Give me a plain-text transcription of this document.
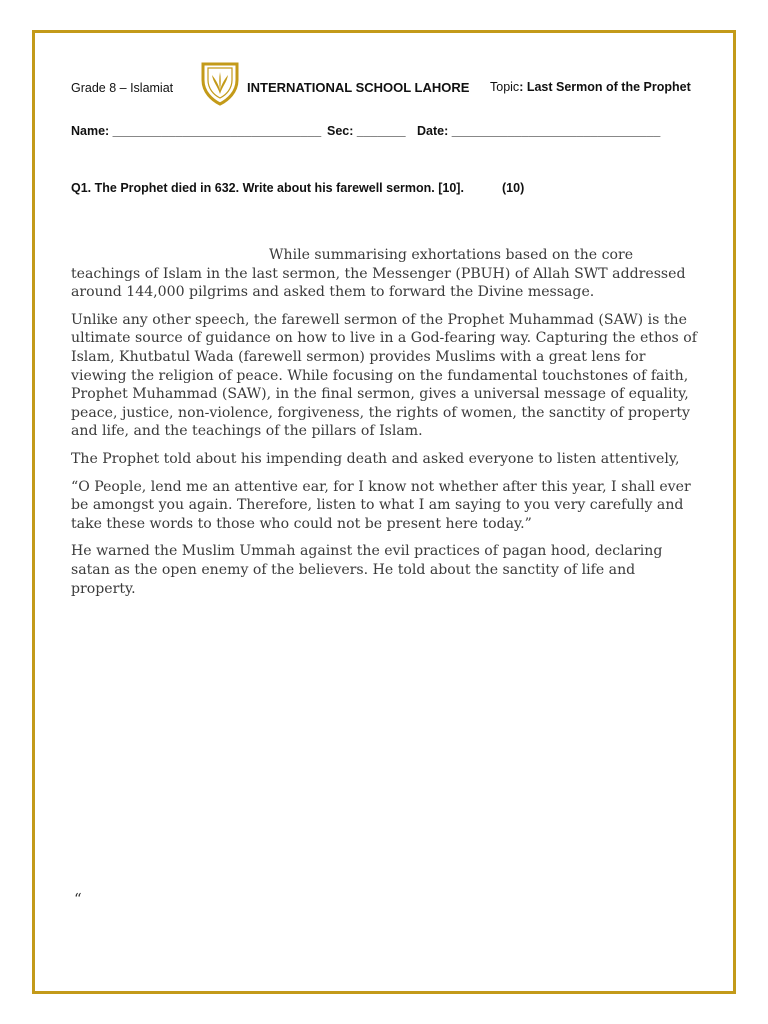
Grade 8 – Islamiat	INTERNATIONAL SCHOOL LAHORE Topic: Last Sermon of the Prophet
Name: ______________________________ Sec: _______ Date: ______________________________
Q1. The Prophet died in 632. Write about his farewell sermon. [10].	(10)

While summarising exhortations based on the core teachings of Islam in the last sermon, the Messenger (PBUH) of Allah SWT addressed around 144,000 pilgrims and asked them to forward the Divine message.

Unlike any other speech, the farewell sermon of the Prophet Muhammad (SAW) is the ultimate source of guidance on how to live in a God-fearing way. Capturing the ethos of Islam, Khutbatul Wada (farewell sermon) provides Muslims with a great lens for viewing the religion of peace. While focusing on the fundamental touchstones of faith, Prophet Muhammad (SAW), in the final sermon, gives a universal message of equality, peace, justice, non-violence, forgiveness, the rights of women, the sanctity of property and life, and the teachings of the pillars of Islam.

The Prophet told about his impending death and asked everyone to listen attentively,

“O People, lend me an attentive ear, for I know not whether after this year, I shall ever be amongst you again. Therefore, listen to what I am saying to you very carefully and take these words to those who could not be present here today.”

He warned the Muslim Ummah against the evil practices of pagan hood, declaring satan as the open enemy of the believers. He told about the sanctity of life and property.

“
